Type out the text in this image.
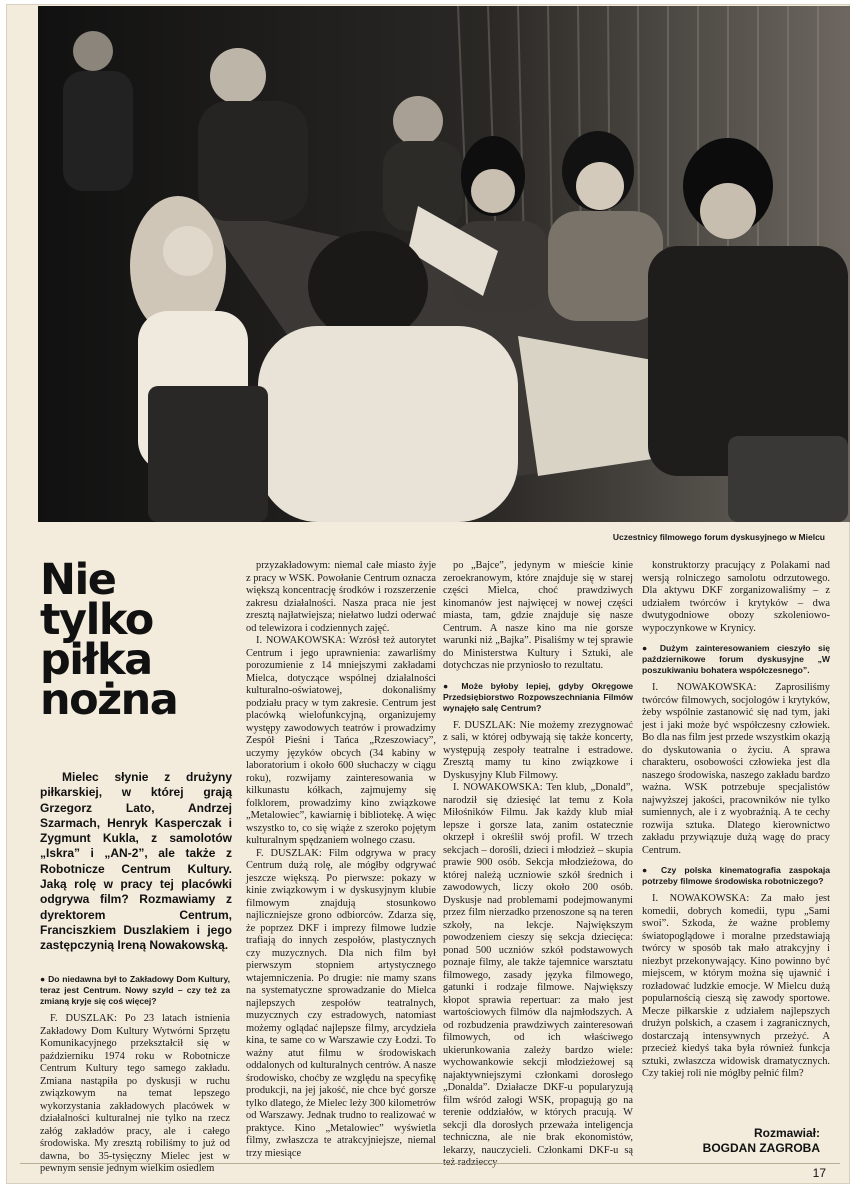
Uczestnicy filmowego forum dyskusyjnego w Mielcu
Nie
tylko
piłka
nożna
Mielec słynie z drużyny piłkarskiej, w której grają Grzegorz Lato, Andrzej Szarmach, Henryk Kasperczak i Zygmunt Kukla, z samolotów „Iskra” i „AN-2”, ale także z Robotnicze Centrum Kultury. Jaką rolę w pracy tej placówki odgrywa film? Rozmawiamy z dyrektorem Centrum, Franciszkiem Duszlakiem i jego zastępczynią Ireną Nowakowską.

● Do niedawna był to Zakładowy Dom Kultury, teraz jest Centrum. Nowy szyld – czy też za zmianą kryje się coś więcej?

F. DUSZLAK: Po 23 latach istnienia Zakładowy Dom Kultury Wytwórni Sprzętu Komunikacyjnego przekształcił się w październiku 1974 roku w Robotnicze Centrum Kultury tego samego zakładu. Zmiana nastąpiła po dyskusji w ruchu związkowym na temat lepszego wykorzystania zakładowych placówek w działalności kulturalnej nie tylko na rzecz załóg zakładów pracy, ale i całego środowiska. My zresztą robiliśmy to już od dawna, bo 35-tysięczny Mielec jest w pewnym sensie jednym wielkim osiedlem

przyzakładowym: niemal całe miasto żyje z pracy w WSK. Powołanie Centrum oznacza większą koncentrację środków i rozszerzenie zakresu działalności. Nasza praca nie jest zresztą najłatwiejsza; niełatwo ludzi oderwać od telewizora i codziennych zajęć.

I. NOWAKOWSKA: Wzrósł też autorytet Centrum i jego uprawnienia: zawarliśmy porozumienie z 14 mniejszymi zakładami Mielca, dotyczące wspólnej działalności kulturalno-oświatowej, dokonaliśmy podziału pracy w tym zakresie. Centrum jest placówką wielofunkcyjną, organizujemy występy zawodowych teatrów i prowadzimy Zespół Pieśni i Tańca „Rzeszowiacy”, uczymy języków obcych (34 kabiny w laboratorium i około 600 słuchaczy w ciągu roku), rozwijamy zainteresowania w kilkunastu kółkach, zajmujemy się folklorem, prowadzimy kino związkowe „Metalowiec”, kawiarnię i bibliotekę. A więc wszystko to, co się wiąże z szeroko pojętym kulturalnym spędzaniem wolnego czasu.

F. DUSZLAK: Film odgrywa w pracy Centrum dużą rolę, ale mógłby odgrywać jeszcze większą. Po pierwsze: pokazy w kinie związkowym i w dyskusyjnym klubie filmowym znajdują stosunkowo najliczniejsze grono odbiorców. Zdarza się, że poprzez DKF i imprezy filmowe ludzie trafiają do innych zespołów, plastycznych czy muzycznych. Dla nich film był pierwszym stopniem artystycznego wtajemniczenia. Po drugie: nie mamy szans na systematyczne sprowadzanie do Mielca najlepszych zespołów teatralnych, muzycznych czy estradowych, natomiast możemy oglądać najlepsze filmy, arcydzieła kina, te same co w Warszawie czy Łodzi. To ważny atut filmu w środowiskach oddalonych od kulturalnych centrów. A nasze środowisko, choćby ze względu na specyfikę produkcji, na jej jakość, nie chce być gorsze tylko dlatego, że Mielec leży 300 kilometrów od Warszawy. Jednak trudno to realizować w praktyce. Kino „Metalowiec” wyświetla filmy, zwłaszcza te atrakcyjniejsze, niemal trzy miesiące

po „Bajce”, jedynym w mieście kinie zeroekranowym, które znajduje się w starej części Mielca, choć prawdziwych kinomanów jest najwięcej w nowej części miasta, tam, gdzie znajduje się nasze Centrum. A nasze kino ma nie gorsze warunki niż „Bajka”. Pisaliśmy w tej sprawie do Ministerstwa Kultury i Sztuki, ale dotychczas nie przyniosło to rezultatu.

● Może byłoby lepiej, gdyby Okręgowe Przedsiębiorstwo Rozpowszechniania Filmów wynajęło salę Centrum?

F. DUSZLAK: Nie możemy zrezygnować z sali, w której odbywają się także koncerty, występują zespoły teatralne i estradowe. Zresztą mamy tu kino związkowe i Dyskusyjny Klub Filmowy.

I. NOWAKOWSKA: Ten klub, „Donald”, narodził się dziesięć lat temu z Koła Miłośników Filmu. Jak każdy klub miał lepsze i gorsze lata, zanim ostatecznie okrzepł i określił swój profil. W trzech sekcjach – dorośli, dzieci i młodzież – skupia prawie 900 osób. Sekcja młodzieżowa, do której należą uczniowie szkół średnich i zawodowych, liczy około 200 osób. Dyskusje nad problemami podejmowanymi przez film nierzadko przenoszone są na teren szkoły, na lekcje. Największym powodzeniem cieszy się sekcja dziecięca: ponad 500 uczniów szkół podstawowych poznaje filmy, ale także tajemnice warsztatu filmowego, zasady języka filmowego, gatunki i rodzaje filmowe. Największy kłopot sprawia repertuar: za mało jest wartościowych filmów dla najmłodszych. A od rozbudzenia prawdziwych zainteresowań filmowych, od ich właściwego ukierunkowania zależy bardzo wiele: wychowankowie sekcji młodzieżowej są najaktywniejszymi członkami dorosłego „Donalda”. Działacze DKF-u popularyzują film wśród załogi WSK, propagują go na terenie oddziałów, w których pracują. W sekcji dla dorosłych przeważa inteligencja techniczna, ale nie brak ekonomistów, lekarzy, nauczycieli. Członkami DKF-u są też radzieccy

konstruktorzy pracujący z Polakami nad wersją rolniczego samolotu odrzutowego. Dla aktywu DKF zorganizowaliśmy – z udziałem twórców i krytyków – dwa dwutygodniowe obozy szkoleniowo-wypoczynkowe w Krynicy.

● Dużym zainteresowaniem cieszyło się październikowe forum dyskusyjne „W poszukiwaniu bohatera współczesnego”.

I. NOWAKOWSKA: Zaprosiliśmy twórców filmowych, socjologów i krytyków, żeby wspólnie zastanowić się nad tym, jaki jest i jaki może być współczesny człowiek. Bo dla nas film jest przede wszystkim okazją do dyskutowania o życiu. A sprawa charakteru, osobowości człowieka jest dla naszego środowiska, naszego zakładu bardzo ważna. WSK potrzebuje specjalistów najwyższej jakości, pracowników nie tylko sumiennych, ale i z wyobraźnią. A te cechy rozwija sztuka. Dlatego kierownictwo zakładu przywiązuje dużą wagę do pracy Centrum.

● Czy polska kinematografia zaspokaja potrzeby filmowe środowiska robotniczego?

I. NOWAKOWSKA: Za mało jest komedii, dobrych komedii, typu „Sami swoi”. Szkoda, że ważne problemy światopoglądowe i moralne przedstawiają twórcy w sposób tak mało atrakcyjny i niezbyt przekonywający. Kino powinno być miejscem, w którym można się ujawnić i rozładować ludzkie emocje. W Mielcu dużą popularnością cieszą się zawody sportowe. Mecze piłkarskie z udziałem najlepszych drużyn polskich, a czasem i zagranicznych, dostarczają intensywnych przeżyć. A przecież kiedyś taka była również funkcja sztuki, zwłaszcza widowisk dramatycznych. Czy takiej roli nie mógłby pełnić film?

Rozmawiał:
BOGDAN ZAGROBA
17
